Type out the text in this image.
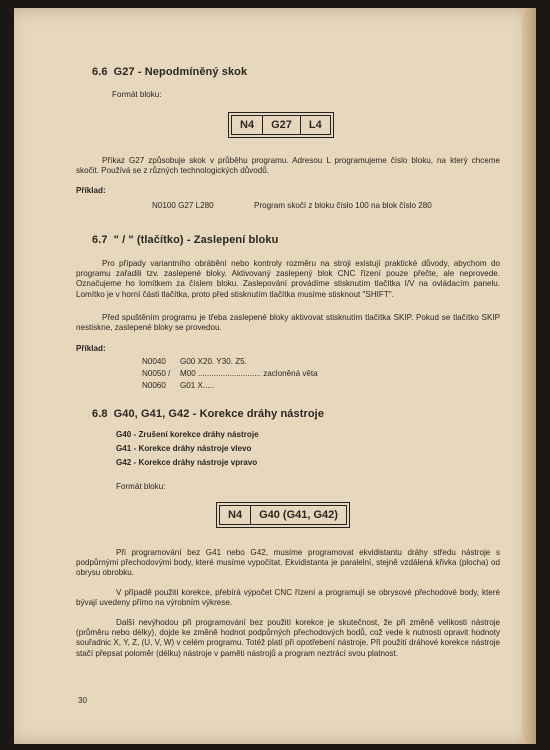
6.6 G27 - Nepodmíněný skok
Formát bloku:
N4	G27	L4
Příkaz G27 způsobuje skok v průběhu programu. Adresou L programujeme číslo bloku, na který chceme skočit. Používá se z různých technologických důvodů.
Příklad:
N0100 G27 L280	Program skočí z bloku číslo 100 na blok číslo 280
6.7 " / " (tlačítko) - Zaslepení bloku
Pro případy variantního obrábění nebo kontroly rozměru na stroji existují praktické důvody, abychom do programu zařadili tzv. zaslepené bloky. Aktivovaný zaslepený blok CNC řízení pouze přečte, ale neprovede. Označujeme ho lomítkem za číslem bloku. Zaslepování provádíme stisknutím tlačítka I/V na ovládacím panelu. Lomítko je v horní části tlačítka, proto před stisknutím tlačítka musíme stisknout "SHIFT".
Před spuštěním programu je třeba zaslepené bloky aktivovat stisknutím tlačítka SKIP. Pokud se tlačítko SKIP nestiskne, zaslepené bloky se provedou.
Příklad:
N0040	G00 X20. Y30. Z5.
N0050 /	M00 ............................ zacloněná věta
N0060	G01 X.....
6.8 G40, G41, G42 - Korekce dráhy nástroje
G40 - Zrušení korekce dráhy nástroje
G41 - Korekce dráhy nástroje vlevo
G42 - Korekce dráhy nástroje vpravo
Formát bloku:
N4	G40 (G41, G42)
Při programování bez G41 nebo G42, musíme programovat ekvidistantu dráhy středu nástroje s podpůrnými přechodovými body, které musíme vypočítat. Ekvidistanta je paralelní, stejně vzdálená křivka (plocha) od obrysu obrobku.
V případě použití korekce, přebírá výpočet CNC řízení a programují se obrysové přechodové body, které bývají uvedeny přímo na výrobním výkrese.
Další nevýhodou při programování bez použití korekce je skutečnost, že při změně velikosti nástroje (průměru nebo délky), dojde ke změně hodnot podpůrných přechodových bodů, což vede k nutnosti opravit hodnoty souřadnic X, Y, Z, (U, V, W) v celém programu. Totéž platí při opotřebení nástroje. Při použití dráhové korekce nástroje stačí přepsat poloměr (délku) nástroje v paměti nástrojů a program neztrácí svou platnost.
30
